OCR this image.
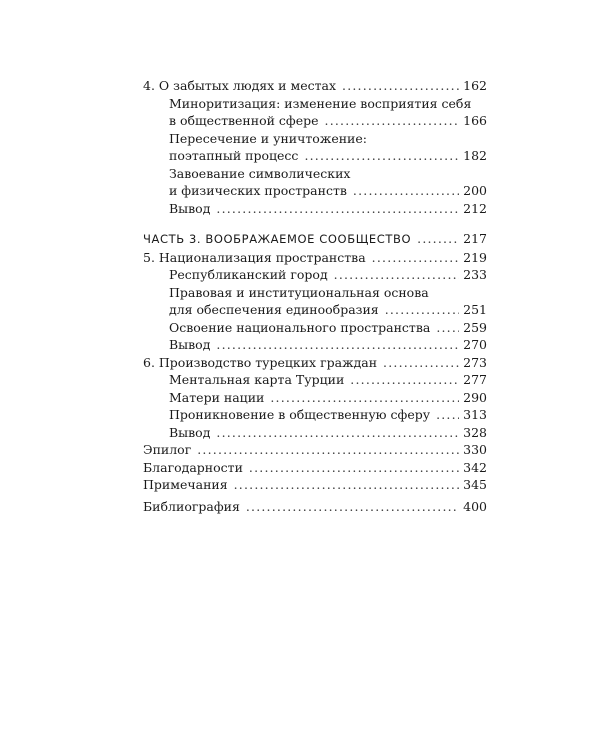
4. О забытых людях и местах .....	162
Миноритизация: изменение восприятия себя
в общественной сфере .....	166
Пересечение и уничтожение:
поэтапный процесс .....	182
Завоевание символических
и физических пространств .....	200
Вывод .....	212
ЧАСТЬ 3. ВООБРАЖАЕМОЕ СООБЩЕСТВО .....	217
5. Национализация пространства .....	219
Республиканский город .....	233
Правовая и институциональная основа
для обеспечения единообразия .....	251
Освоение национального пространства .....	259
Вывод .....	270
6. Производство турецких граждан .....	273
Ментальная карта Турции .....	277
Матери нации .....	290
Проникновение в общественную сферу .....	313
Вывод .....	328
Эпилог .....	330
Благодарности .....	342
Примечания .....	345
Библиография .....	400
